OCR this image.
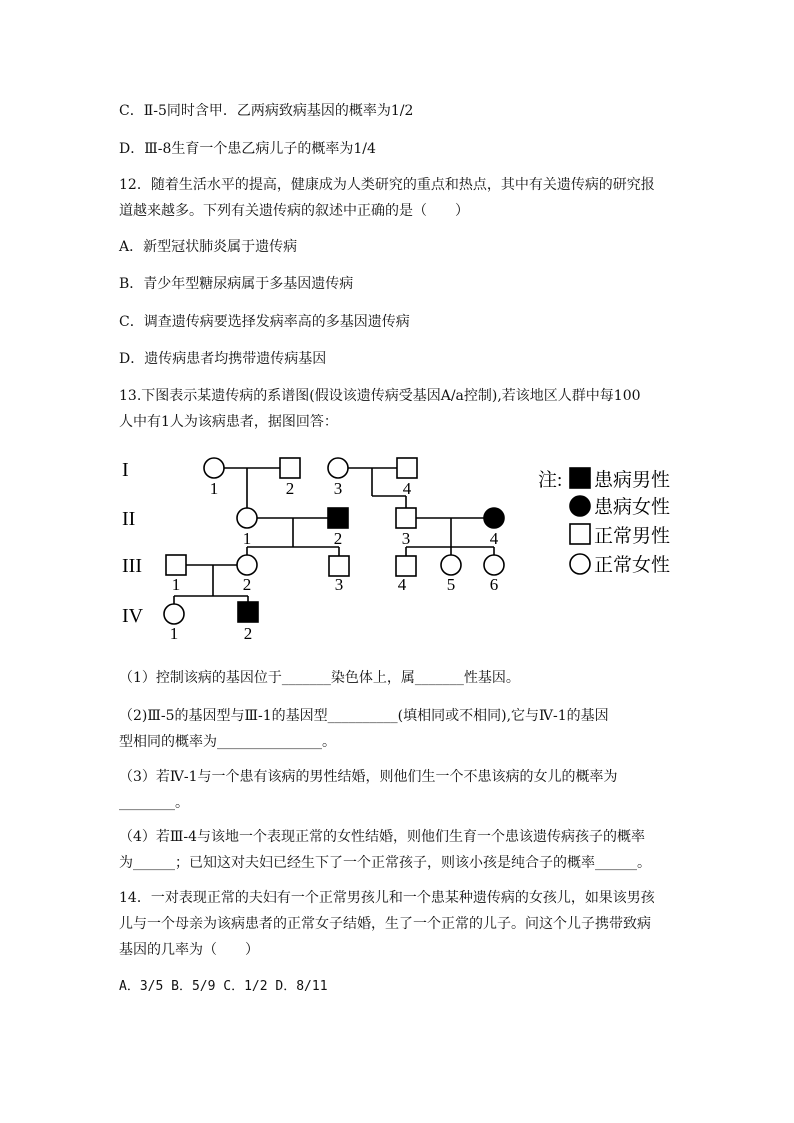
C．Ⅱ-5同时含甲．乙两病致病基因的概率为1/2
D．Ⅲ-8生育一个患乙病儿子的概率为1/4
12．随着生活水平的提高，健康成为人类研究的重点和热点，其中有关遗传病的研究报
道越来越多。下列有关遗传病的叙述中正确的是（　　）
A．新型冠状肺炎属于遗传病
B．青少年型糖尿病属于多基因遗传病
C．调查遗传病要选择发病率高的多基因遗传病
D．遗传病患者均携带遗传病基因
13.下图表示某遗传病的系谱图(假设该遗传病受基因A/a控制),若该地区人群中每100
人中有1人为该病患者，据图回答：
I
II
III
IV
1	2 3	4
1	2	3	4
1	2	3	4 5 6
1	2
注: 患病男性
患病女性
正常男性
正常女性
（1）控制该病的基因位于_______染色体上，属_______性基因。
（2)Ⅲ-5的基因型与Ⅲ-1的基因型__________(填相同或不相同),它与Ⅳ-1的基因
型相同的概率为_______________。
（3）若Ⅳ-1与一个患有该病的男性结婚，则他们生一个不患该病的女儿的概率为
________。
（4）若Ⅲ-4与该地一个表现正常的女性结婚，则他们生育一个患该遗传病孩子的概率
为______；已知这对夫妇已经生下了一个正常孩子，则该小孩是纯合子的概率______。
14．一对表现正常的夫妇有一个正常男孩儿和一个患某种遗传病的女孩儿，如果该男孩
儿与一个母亲为该病患者的正常女子结婚，生了一个正常的儿子。问这个儿子携带致病
基因的几率为（　　）
A．3/5 B．5/9 C．1/2 D．8/11
